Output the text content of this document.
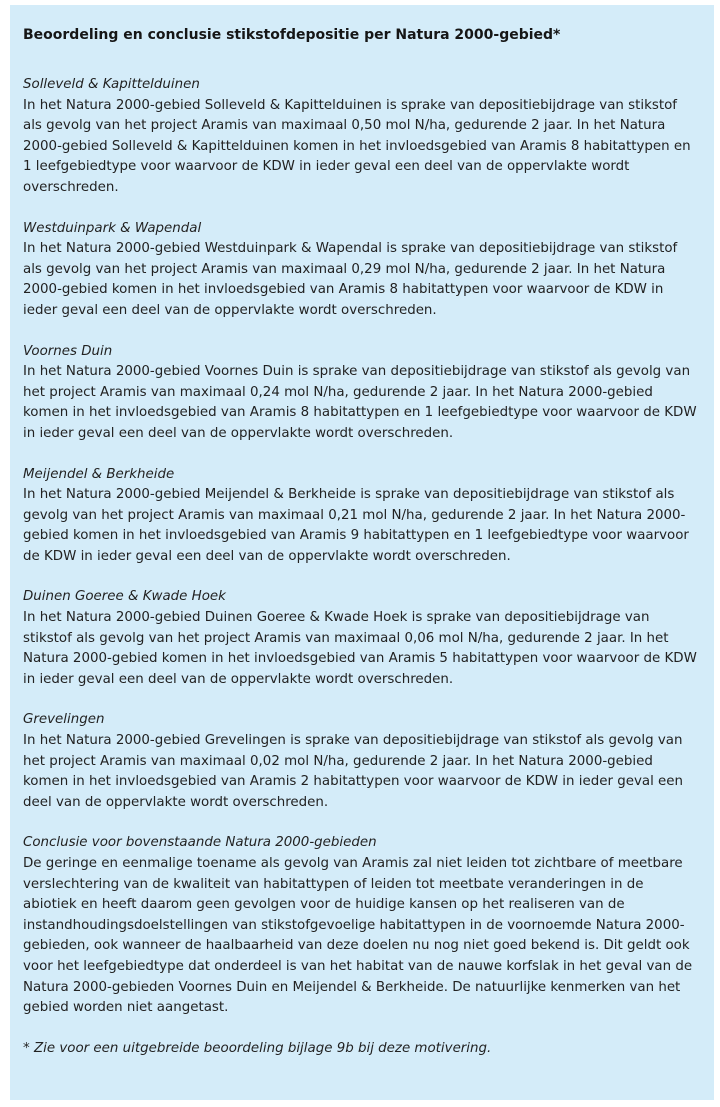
Beoordeling en conclusie stikstofdepositie per Natura 2000-gebied*
Solleveld & Kapittelduinen
In het Natura 2000-gebied Solleveld & Kapittelduinen is sprake van depositiebijdrage van stikstof als gevolg van het project Aramis van maximaal 0,50 mol N/ha, gedurende 2 jaar. In het Natura 2000-gebied Solleveld & Kapittelduinen komen in het invloedsgebied van Aramis 8 habitattypen en 1 leefgebiedtype voor waarvoor de KDW in ieder geval een deel van de oppervlakte wordt overschreden.
Westduinpark & Wapendal
In het Natura 2000-gebied Westduinpark & Wapendal is sprake van depositiebijdrage van stikstof als gevolg van het project Aramis van maximaal 0,29 mol N/ha, gedurende 2 jaar. In het Natura 2000-gebied komen in het invloedsgebied van Aramis 8 habitattypen voor waarvoor de KDW in ieder geval een deel van de oppervlakte wordt overschreden.
Voornes Duin
In het Natura 2000-gebied Voornes Duin is sprake van depositiebijdrage van stikstof als gevolg van het project Aramis van maximaal 0,24 mol N/ha, gedurende 2 jaar. In het Natura 2000-gebied komen in het invloedsgebied van Aramis 8 habitattypen en 1 leefgebiedtype voor waarvoor de KDW in ieder geval een deel van de oppervlakte wordt overschreden.
Meijendel & Berkheide
In het Natura 2000-gebied Meijendel & Berkheide is sprake van depositiebijdrage van stikstof als gevolg van het project Aramis van maximaal 0,21 mol N/ha, gedurende 2 jaar. In het Natura 2000-gebied komen in het invloedsgebied van Aramis 9 habitattypen en 1 leefgebiedtype voor waarvoor de KDW in ieder geval een deel van de oppervlakte wordt overschreden.
Duinen Goeree & Kwade Hoek
In het Natura 2000-gebied Duinen Goeree & Kwade Hoek is sprake van depositiebijdrage van stikstof als gevolg van het project Aramis van maximaal 0,06 mol N/ha, gedurende 2 jaar. In het Natura 2000-gebied komen in het invloedsgebied van Aramis 5 habitattypen voor waarvoor de KDW in ieder geval een deel van de oppervlakte wordt overschreden.
Grevelingen
In het Natura 2000-gebied Grevelingen is sprake van depositiebijdrage van stikstof als gevolg van het project Aramis van maximaal 0,02 mol N/ha, gedurende 2 jaar. In het Natura 2000-gebied komen in het invloedsgebied van Aramis 2 habitattypen voor waarvoor de KDW in ieder geval een deel van de oppervlakte wordt overschreden.
Conclusie voor bovenstaande Natura 2000-gebieden
De geringe en eenmalige toename als gevolg van Aramis zal niet leiden tot zichtbare of meetbare verslechtering van de kwaliteit van habitattypen of leiden tot meetbate veranderingen in de abiotiek en heeft daarom geen gevolgen voor de huidige kansen op het realiseren van de instandhoudingsdoelstellingen van stikstofgevoelige habitattypen in de voornoemde Natura 2000-gebieden, ook wanneer de haalbaarheid van deze doelen nu nog niet goed bekend is. Dit geldt ook voor het leefgebiedtype dat onderdeel is van het habitat van de nauwe korfslak in het geval van de Natura 2000-gebieden Voornes Duin en Meijendel & Berkheide. De natuurlijke kenmerken van het gebied worden niet aangetast.
* Zie voor een uitgebreide beoordeling bijlage 9b bij deze motivering.
